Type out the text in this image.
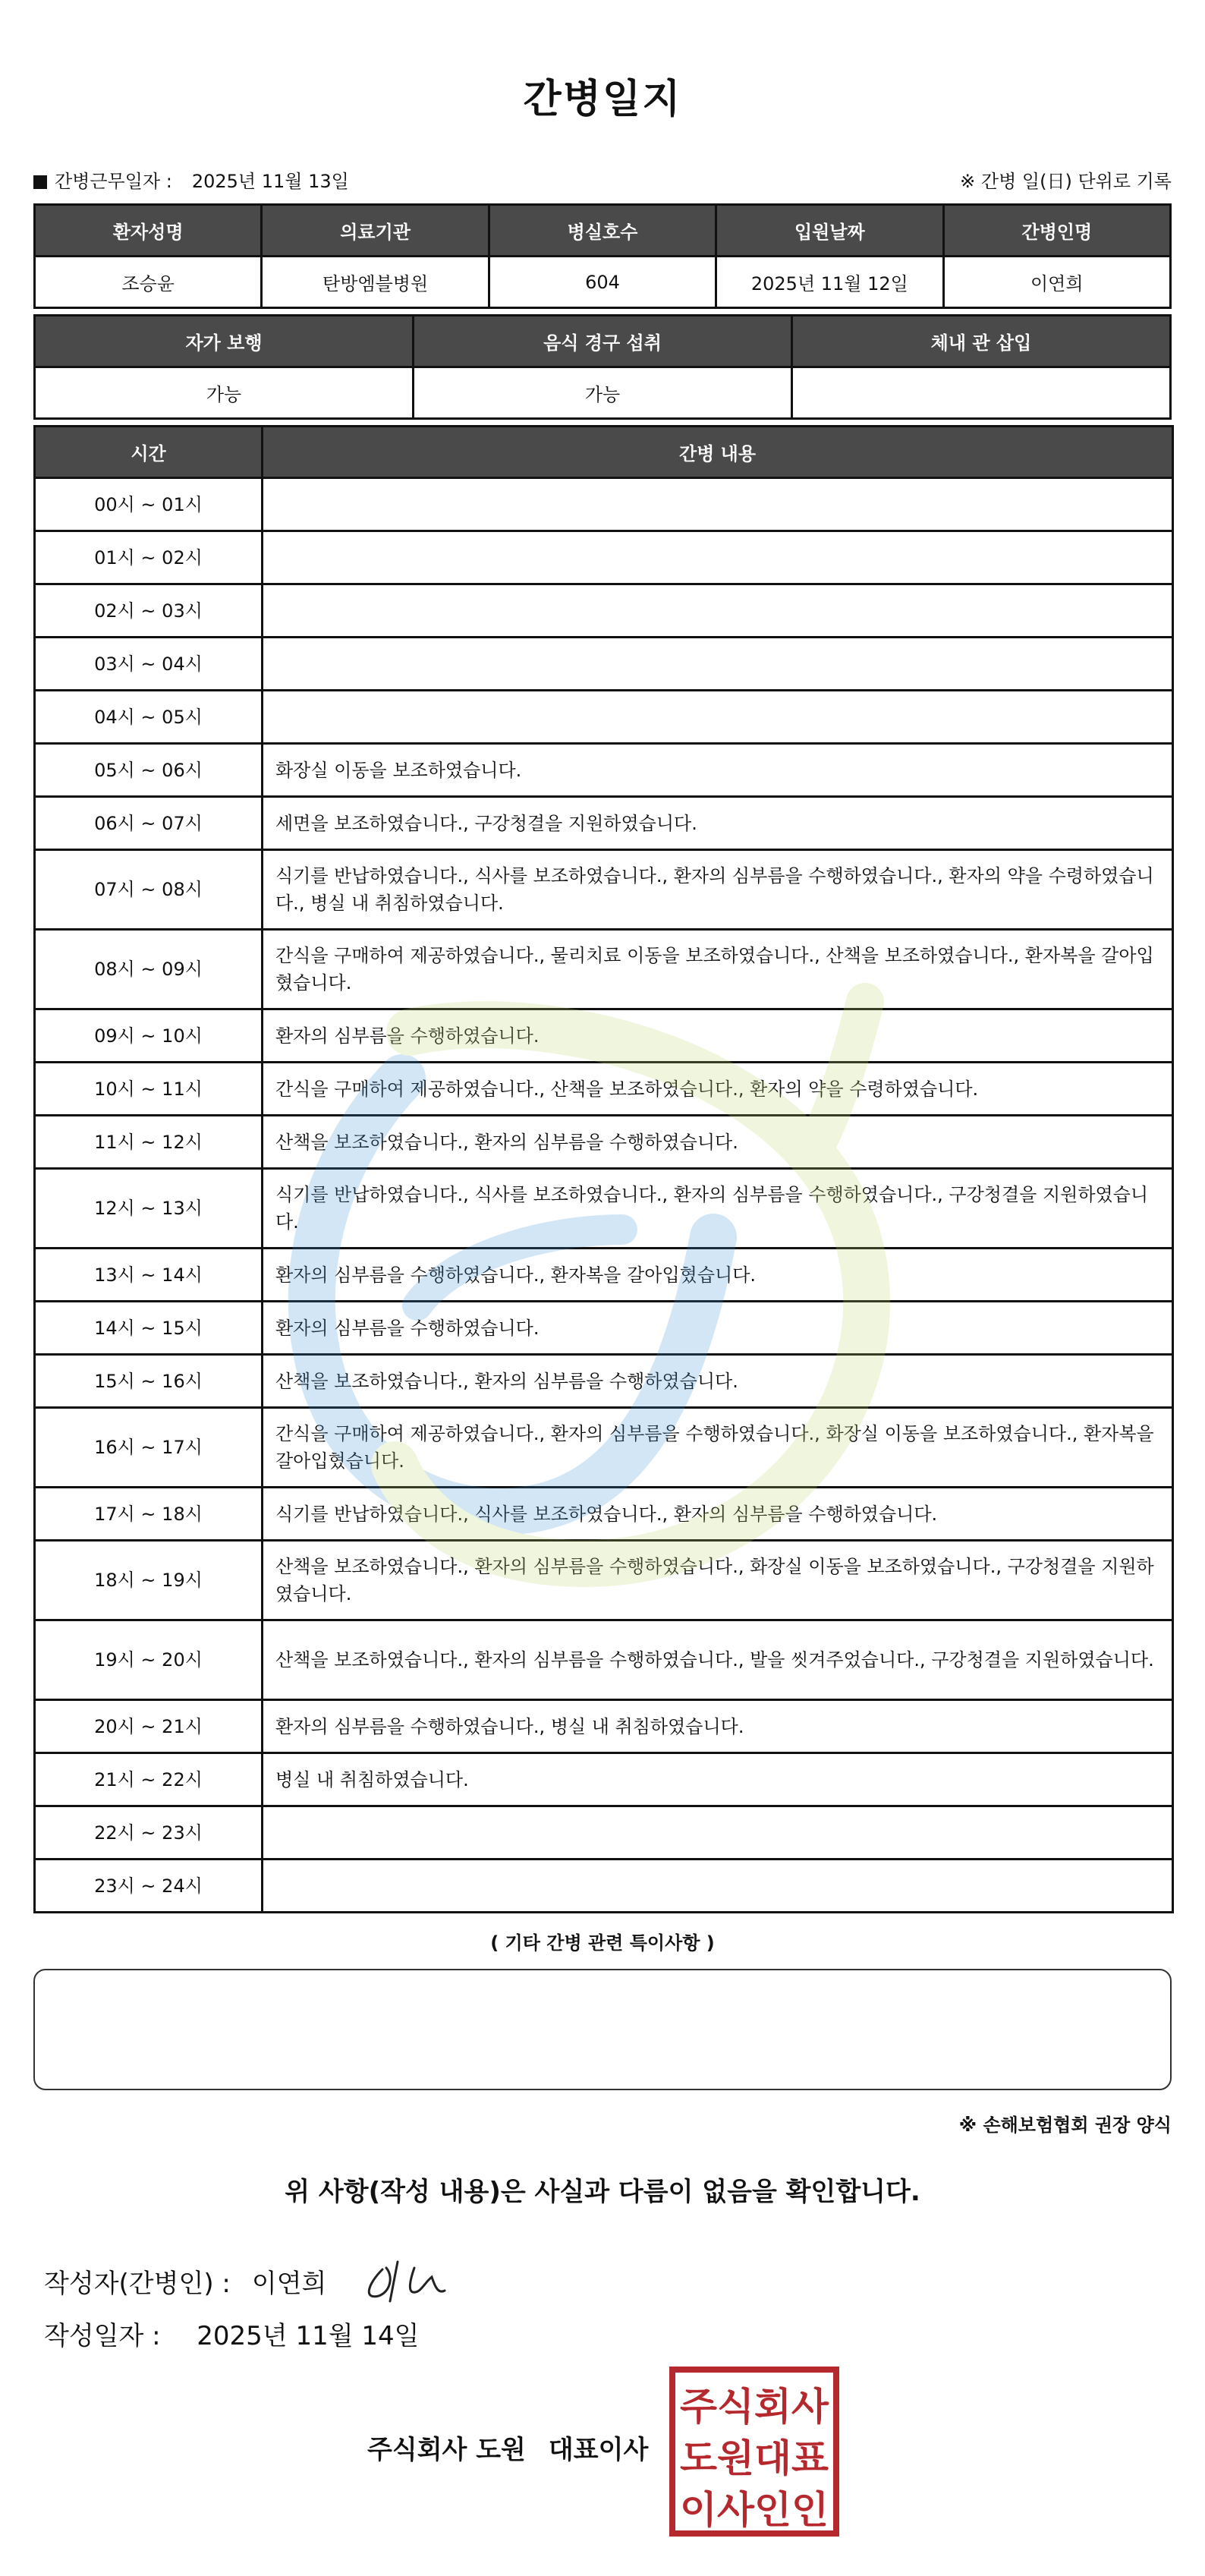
간병일지
간병근무일자 : 2025년 11월 13일	※ 간병 일(日) 단위로 기록
환자성명	의료기관	병실호수	입원날짜	간병인명
조승윤	탄방엠블병원	604	2025년 11월 12일	이연희
자가 보행	음식 경구 섭취	체내 관 삽입
가능	가능	
시간	간병 내용
00시 ~ 01시	
01시 ~ 02시	
02시 ~ 03시	
03시 ~ 04시	
04시 ~ 05시	
05시 ~ 06시	화장실 이동을 보조하였습니다.
06시 ~ 07시	세면을 보조하였습니다., 구강청결을 지원하였습니다.
07시 ~ 08시	식기를 반납하였습니다., 식사를 보조하였습니다., 환자의 심부름을 수행하였습니다., 환자의 약을 수령하였습니다., 병실 내 취침하였습니다.
08시 ~ 09시	간식을 구매하여 제공하였습니다., 물리치료 이동을 보조하였습니다., 산책을 보조하였습니다., 환자복을 갈아입혔습니다.
09시 ~ 10시	환자의 심부름을 수행하였습니다.
10시 ~ 11시	간식을 구매하여 제공하였습니다., 산책을 보조하였습니다., 환자의 약을 수령하였습니다.
11시 ~ 12시	산책을 보조하였습니다., 환자의 심부름을 수행하였습니다.
12시 ~ 13시	식기를 반납하였습니다., 식사를 보조하였습니다., 환자의 심부름을 수행하였습니다., 구강청결을 지원하였습니다.
13시 ~ 14시	환자의 심부름을 수행하였습니다., 환자복을 갈아입혔습니다.
14시 ~ 15시	환자의 심부름을 수행하였습니다.
15시 ~ 16시	산책을 보조하였습니다., 환자의 심부름을 수행하였습니다.
16시 ~ 17시	간식을 구매하여 제공하였습니다., 환자의 심부름을 수행하였습니다., 화장실 이동을 보조하였습니다., 환자복을 갈아입혔습니다.
17시 ~ 18시	식기를 반납하였습니다., 식사를 보조하였습니다., 환자의 심부름을 수행하였습니다.
18시 ~ 19시	산책을 보조하였습니다., 환자의 심부름을 수행하였습니다., 화장실 이동을 보조하였습니다., 구강청결을 지원하였습니다.
19시 ~ 20시	산책을 보조하였습니다., 환자의 심부름을 수행하였습니다., 발을 씻겨주었습니다., 구강청결을 지원하였습니다.
20시 ~ 21시	환자의 심부름을 수행하였습니다., 병실 내 취침하였습니다.
21시 ~ 22시	병실 내 취침하였습니다.
22시 ~ 23시	
23시 ~ 24시	
( 기타 간병 관련 특이사항 )
※ 손해보험협회 권장 양식
위 사항(작성 내용)은 사실과 다름이 없음을 확인합니다.
작성자(간병인) : 이연희
작성일자 : 2025년 11월 14일
주식회사 도원 대표이사
주식회사
도원대표
이사인인
